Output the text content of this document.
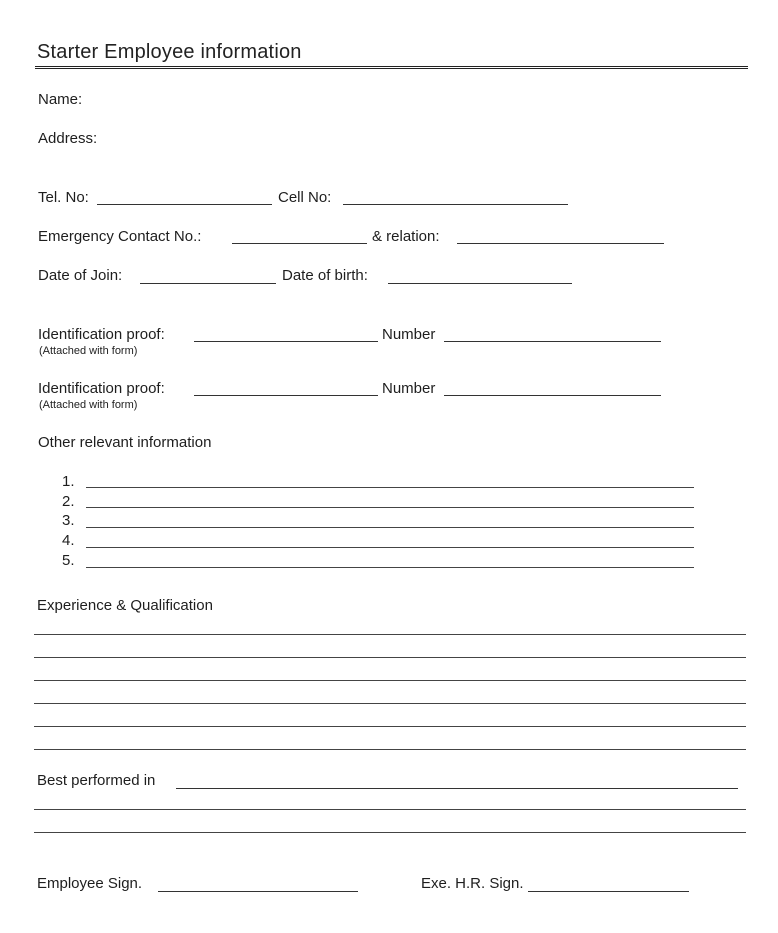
Starter Employee information
Name:
Address:
Tel. No:	Cell No:
Emergency Contact No.:	& relation:
Date of Join:	Date of birth:
Identification proof:	Number
(Attached with form)
Identification proof:	Number
(Attached with form)
Other relevant information
1.
2.
3.
4.
5.
Experience & Qualification
Best performed in
Employee Sign.	Exe. H.R. Sign.
